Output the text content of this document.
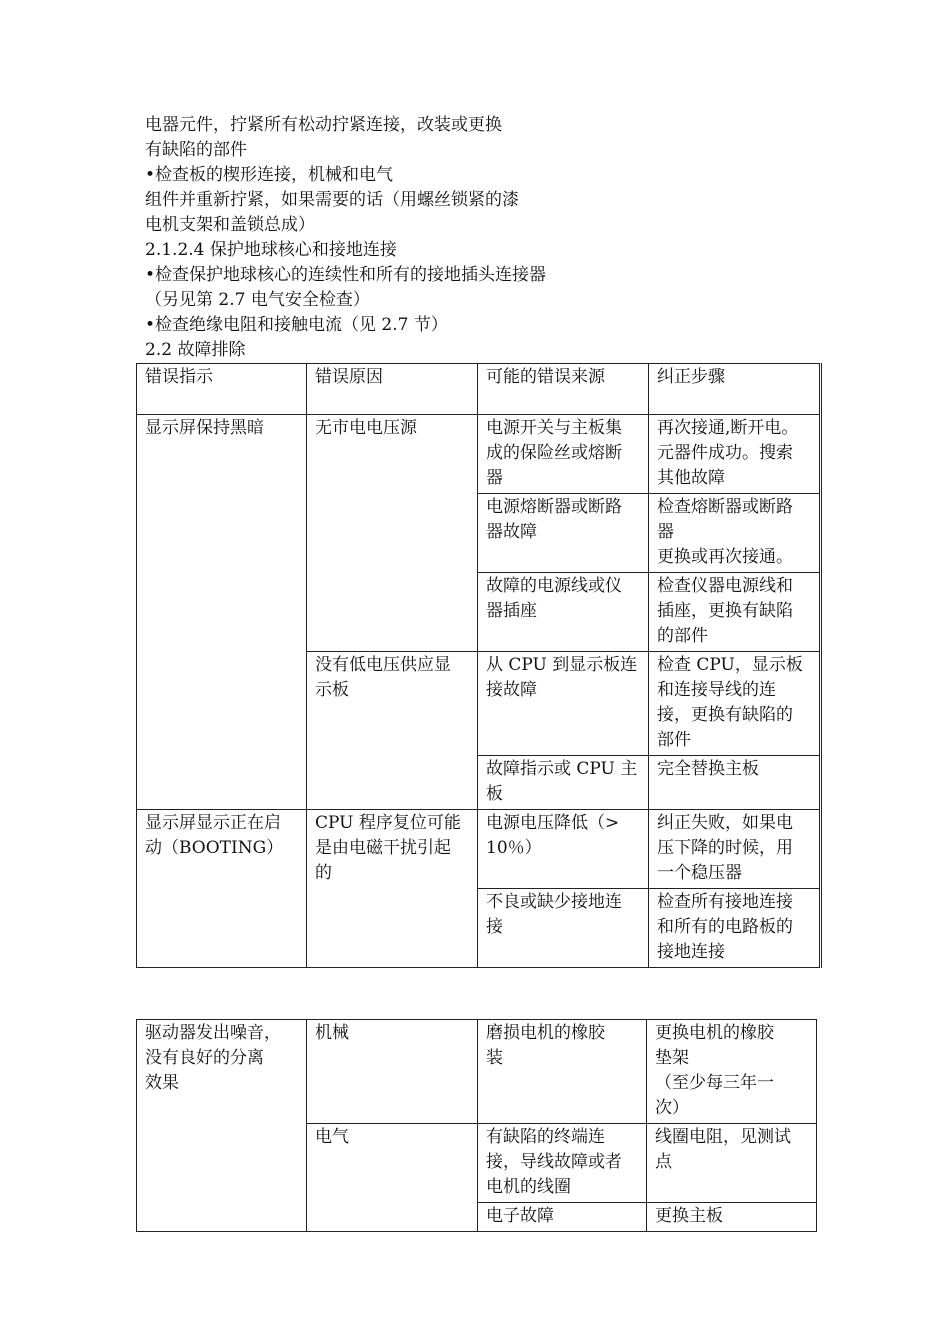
电器元件，拧紧所有松动拧紧连接，改装或更换
有缺陷的部件
•检查板的楔形连接，机械和电气
组件并重新拧紧，如果需要的话（用螺丝锁紧的漆
电机支架和盖锁总成）
2.1.2.4 保护地球核心和接地连接
•检查保护地球核心的连续性和所有的接地插头连接器
（另见第 2.7 电气安全检查）
•检查绝缘电阻和接触电流（见 2.7 节）
2.2 故障排除
错误指示	错误原因	可能的错误来源	纠正步骤

显示屏保持黑暗	无市电电压源	电源开关与主板集
成的保险丝或熔断
器	再次接通,断开电。
元器件成功。搜索
其他故障

		电源熔断器或断路
器故障	检查熔断器或断路
器
更换或再次接通。

		故障的电源线或仪
器插座	检查仪器电源线和
插座，更换有缺陷
的部件

	没有低电压供应显
示板	从 CPU 到显示板连
接故障	检查 CPU，显示板
和连接导线的连
接，更换有缺陷的
部件

		故障指示或 CPU 主
板	完全替换主板

显示屏显示正在启
动（BOOTING）	CPU 程序复位可能
是由电磁干扰引起
的	电源电压降低（>
10％）	纠正失败，如果电
压下降的时候，用
一个稳压器

		不良或缺少接地连
接	检查所有接地连接
和所有的电路板的
接地连接
驱动器发出噪音，
没有良好的分离
效果	机械	磨损电机的橡胶
装	更换电机的橡胶
垫架
（至少每三年一
次）

	电气	有缺陷的终端连
接，导线故障或者
电机的线圈	线圈电阻，见测试
点

		电子故障	更换主板
